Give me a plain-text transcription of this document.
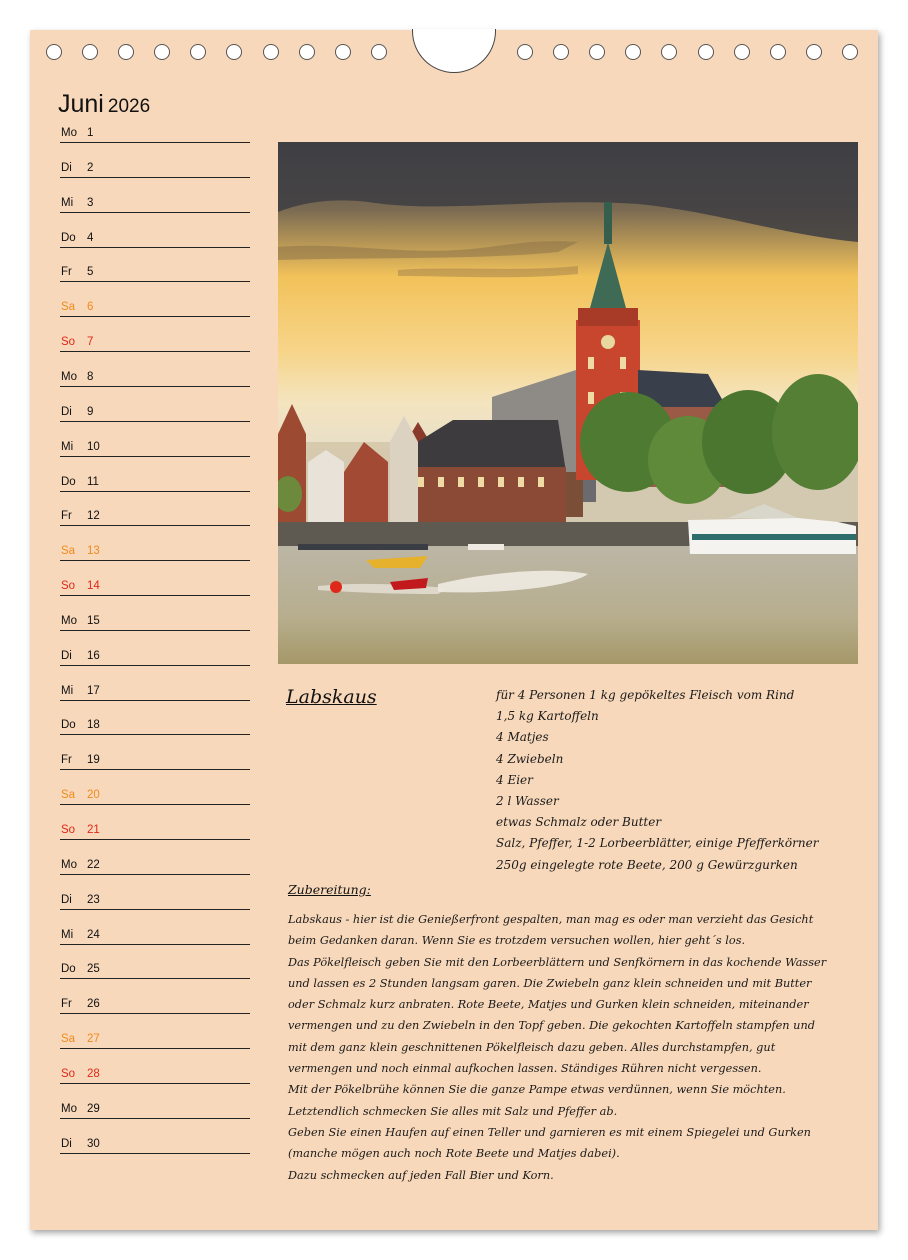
Juni 2026
Mo 1
Di 2
Mi 3
Do 4
Fr 5
Sa 6
So 7
Mo 8
Di 9
Mi 10
Do 11
Fr 12
Sa 13
So 14
Mo 15
Di 16
Mi 17
Do 18
Fr 19
Sa 20
So 21
Mo 22
Di 23
Mi 24
Do 25
Fr 26
Sa 27
So 28
Mo 29
Di 30
Labskaus	für 4 Personen 1 kg gepökeltes Fleisch vom Rind
1,5 kg Kartoffeln
4 Matjes
4 Zwiebeln
4 Eier
2 l Wasser
etwas Schmalz oder Butter
Salz, Pfeffer, 1-2 Lorbeerblätter, einige Pfefferkörner
250g eingelegte rote Beete, 200 g Gewürzgurken
Zubereitung:
Labskaus - hier ist die Genießerfront gespalten, man mag es oder man verzieht das Gesicht
beim Gedanken daran. Wenn Sie es trotzdem versuchen wollen, hier geht´s los.
Das Pökelfleisch geben Sie mit den Lorbeerblättern und Senfkörnern in das kochende Wasser
und lassen es 2 Stunden langsam garen. Die Zwiebeln ganz klein schneiden und mit Butter
oder Schmalz kurz anbraten. Rote Beete, Matjes und Gurken klein schneiden, miteinander
vermengen und zu den Zwiebeln in den Topf geben. Die gekochten Kartoffeln stampfen und
mit dem ganz klein geschnittenen Pökelfleisch dazu geben. Alles durchstampfen, gut
vermengen und noch einmal aufkochen lassen. Ständiges Rühren nicht vergessen.
Mit der Pökelbrühe können Sie die ganze Pampe etwas verdünnen, wenn Sie möchten.
Letztendlich schmecken Sie alles mit Salz und Pfeffer ab.
Geben Sie einen Haufen auf einen Teller und garnieren es mit einem Spiegelei und Gurken
(manche mögen auch noch Rote Beete und Matjes dabei).
Dazu schmecken auf jeden Fall Bier und Korn.
